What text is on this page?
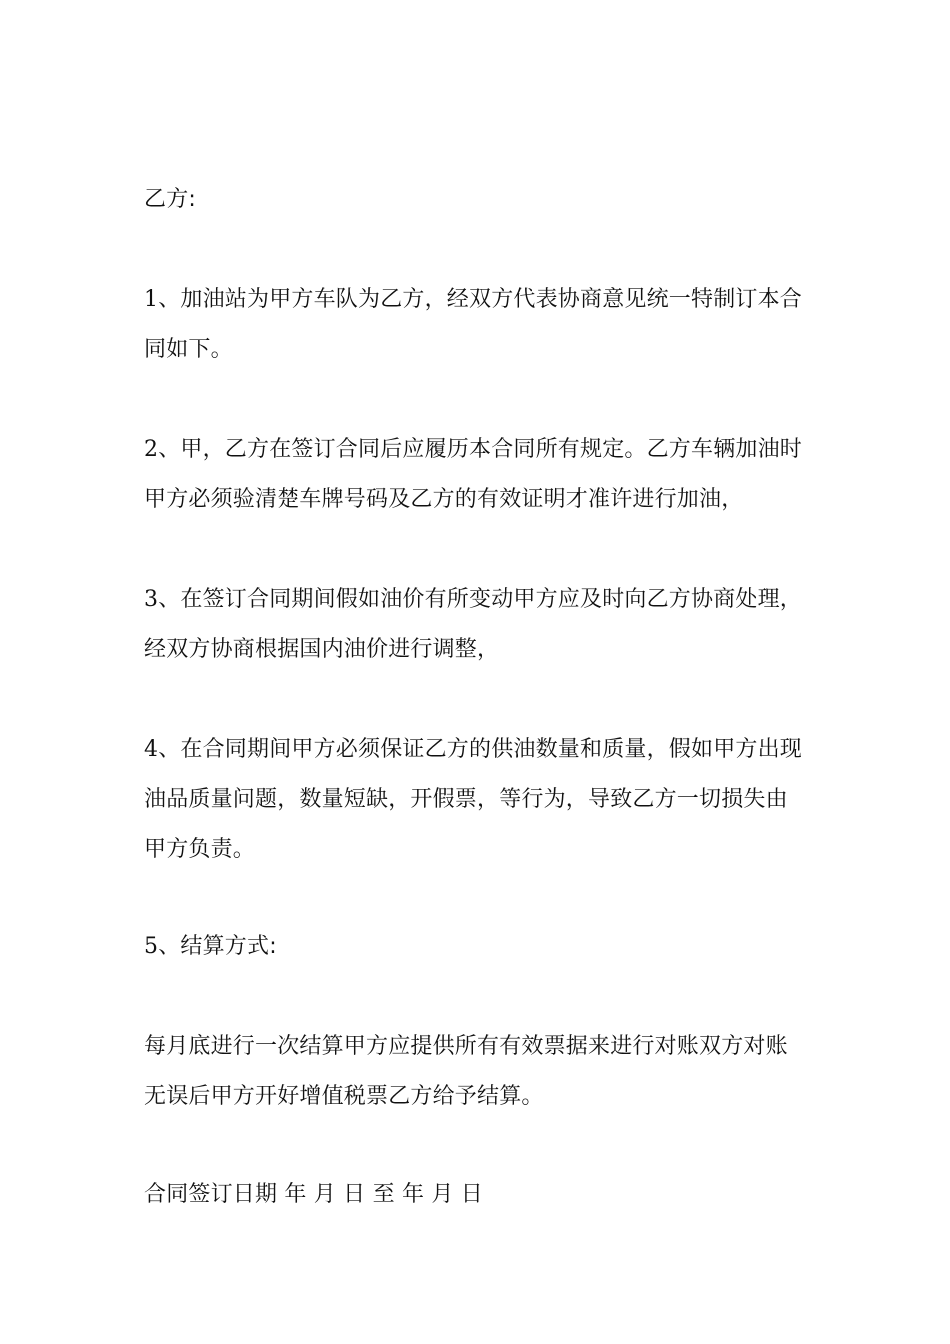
乙方:
1、加油站为甲方车队为乙方，经双方代表协商意见统一特制订本合
同如下。
2、甲，乙方在签订合同后应履历本合同所有规定。乙方车辆加油时
甲方必须验清楚车牌号码及乙方的有效证明才准许进行加油，
3、在签订合同期间假如油价有所变动甲方应及时向乙方协商处理，
经双方协商根据国内油价进行调整，
4、在合同期间甲方必须保证乙方的供油数量和质量，假如甲方出现
油品质量问题，数量短缺，开假票，等行为，导致乙方一切损失由
甲方负责。
5、结算方式:
每月底进行一次结算甲方应提供所有有效票据来进行对账双方对账
无误后甲方开好增值税票乙方给予结算。
合同签订日期 年 月 日 至 年 月 日
